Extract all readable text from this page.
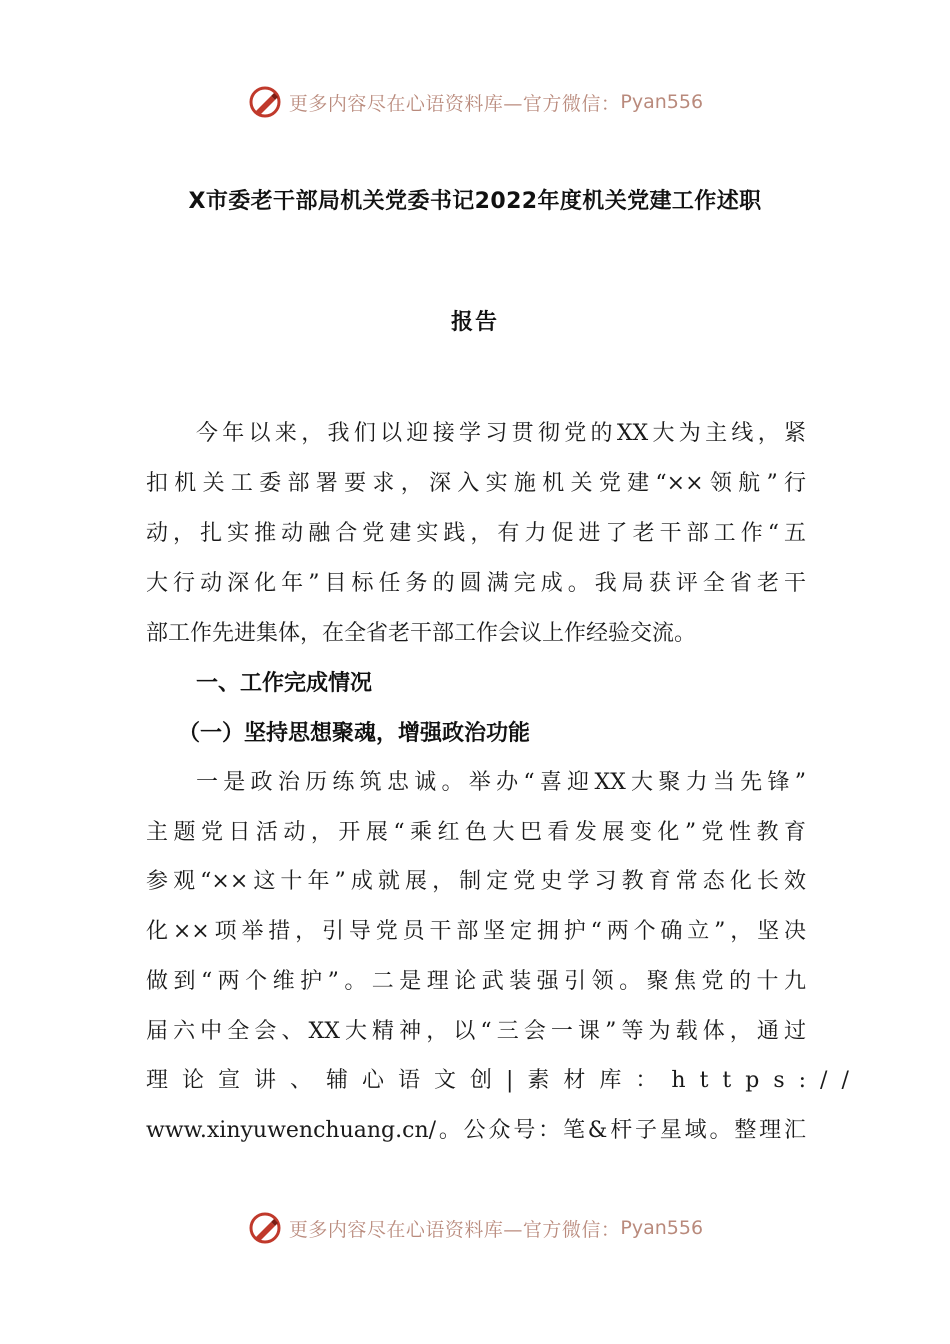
更多内容尽在心语资料库—官方微信： Pyan556
X市委老干部局机关党委书记2022年度机关党建工作述职
报告
今年以来，我们以迎接学习贯彻党的XX大为主线，紧
扣机关工委部署要求，深入实施机关党建“××领航”行
动，扎实推动融合党建实践，有力促进了老干部工作“五
大行动深化年”目标任务的圆满完成。我局获评全省老干
部工作先进集体，在全省老干部工作会议上作经验交流。
一、工作完成情况
（一）坚持思想聚魂，增强政治功能
一是政治历练筑忠诚。举办“喜迎XX大聚力当先锋”
主题党日活动，开展“乘红色大巴看发展变化”党性教育
参观“××这十年”成就展，制定党史学习教育常态化长效
化××项举措，引导党员干部坚定拥护“两个确立”，坚决
做到“两个维护”。二是理论武装强引领。聚焦党的十九
届六中全会、XX大精神，以“三会一课”等为载体，通过
理论宣讲、辅心语文创|素材库：https://
www.xinyuwenchuang.cn/。公众号：笔&杆子星域。整理汇
更多内容尽在心语资料库—官方微信： Pyan556
